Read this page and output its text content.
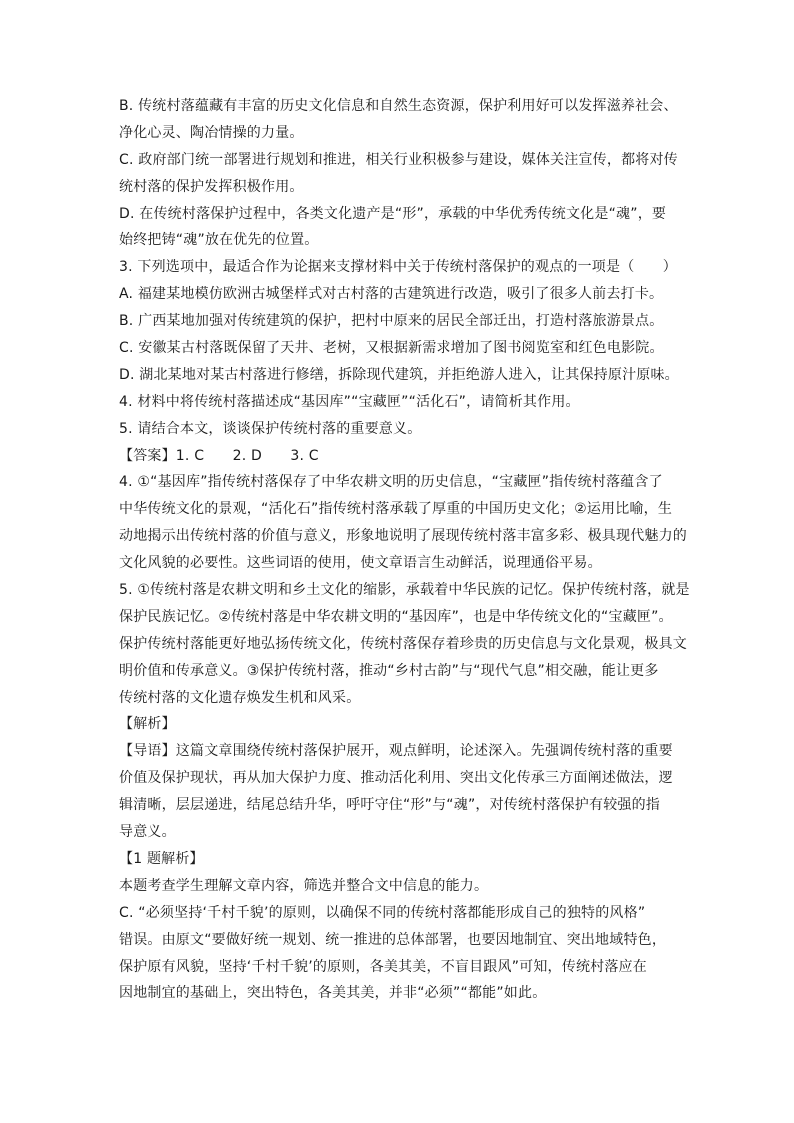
B. 传统村落蕴藏有丰富的历史文化信息和自然生态资源，保护利用好可以发挥滋养社会、
净化心灵、陶冶情操的力量。
C. 政府部门统一部署进行规划和推进，相关行业积极参与建设，媒体关注宣传，都将对传
统村落的保护发挥积极作用。
D. 在传统村落保护过程中，各类文化遗产是“形”，承载的中华优秀传统文化是“魂”，要
始终把铸“魂”放在优先的位置。
3. 下列选项中，最适合作为论据来支撑材料中关于传统村落保护的观点的一项是（　　）
A. 福建某地模仿欧洲古城堡样式对古村落的古建筑进行改造，吸引了很多人前去打卡。
B. 广西某地加强对传统建筑的保护，把村中原来的居民全部迁出，打造村落旅游景点。
C. 安徽某古村落既保留了天井、老树，又根据新需求增加了图书阅览室和红色电影院。
D. 湖北某地对某古村落进行修缮，拆除现代建筑，并拒绝游人进入，让其保持原汁原味。
4. 材料中将传统村落描述成“基因库”“宝藏匣”“活化石”，请简析其作用。
5. 请结合本文，谈谈保护传统村落的重要意义。
【答案】1. C　　2. D　　3. C
4. ①“基因库”指传统村落保存了中华农耕文明的历史信息，“宝藏匣”指传统村落蕴含了
中华传统文化的景观，“活化石”指传统村落承载了厚重的中国历史文化；②运用比喻，生
动地揭示出传统村落的价值与意义，形象地说明了展现传统村落丰富多彩、极具现代魅力的
文化风貌的必要性。这些词语的使用，使文章语言生动鲜活，说理通俗平易。
5. ①传统村落是农耕文明和乡土文化的缩影，承载着中华民族的记忆。保护传统村落，就是
保护民族记忆。②传统村落是中华农耕文明的“基因库”，也是中华传统文化的“宝藏匣”。
保护传统村落能更好地弘扬传统文化，传统村落保存着珍贵的历史信息与文化景观，极具文
明价值和传承意义。③保护传统村落，推动“乡村古韵”与“现代气息”相交融，能让更多
传统村落的文化遗存焕发生机和风采。
【解析】
【导语】这篇文章围绕传统村落保护展开，观点鲜明，论述深入。先强调传统村落的重要
价值及保护现状，再从加大保护力度、推动活化利用、突出文化传承三方面阐述做法，逻
辑清晰，层层递进，结尾总结升华，呼吁守住“形”与“魂”，对传统村落保护有较强的指
导意义。
【1 题解析】
本题考查学生理解文章内容，筛选并整合文中信息的能力。
C. “必须坚持‘千村千貌’的原则，以确保不同的传统村落都能形成自己的独特的风格”
错误。由原文“要做好统一规划、统一推进的总体部署，也要因地制宜、突出地域特色，
保护原有风貌，坚持‘千村千貌’的原则，各美其美，不盲目跟风”可知，传统村落应在
因地制宜的基础上，突出特色，各美其美，并非“必须”“都能”如此。
